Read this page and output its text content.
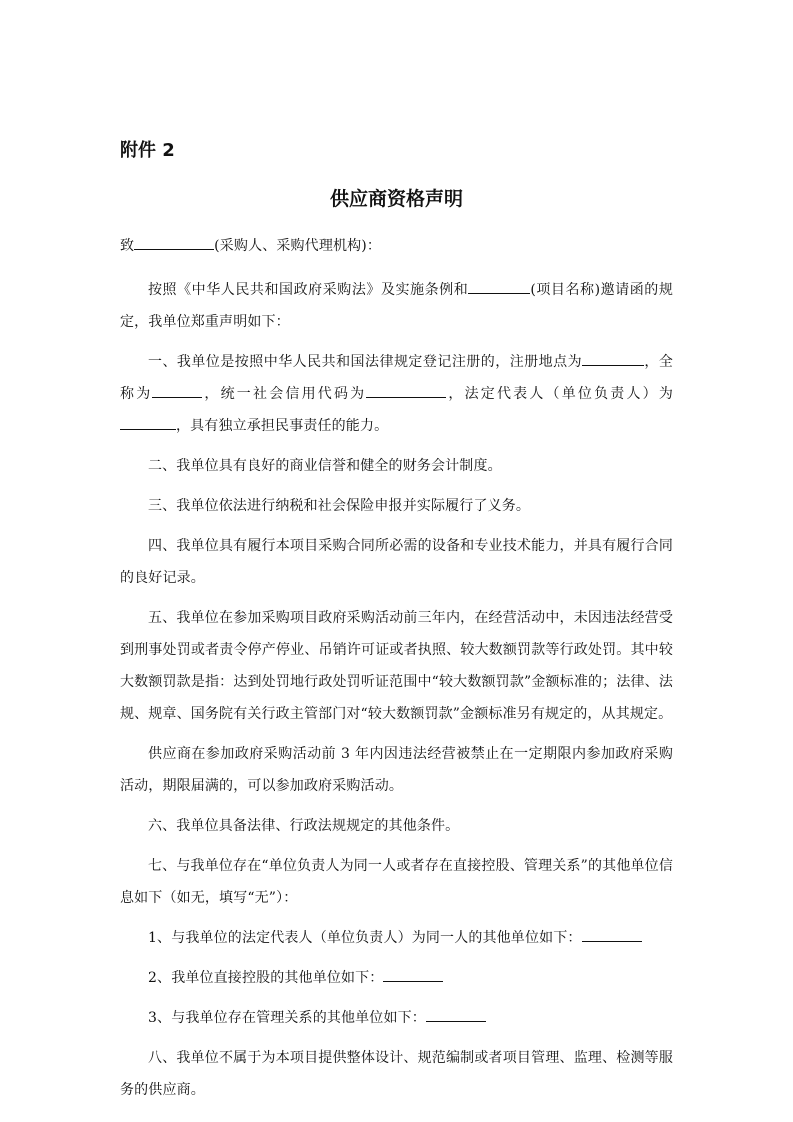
附件 2
供应商资格声明

致	(采购人、采购代理机构)：

按照《中华人民共和国政府采购法》及实施条例和	(项目名称)邀请函的规定，我单位郑重声明如下：

一、我单位是按照中华人民共和国法律规定登记注册的，注册地点为	，全称为	，统一社会信用代码为	，法定代表人（单位负责人）为，具有独立承担民事责任的能力。

二、我单位具有良好的商业信誉和健全的财务会计制度。

三、我单位依法进行纳税和社会保险申报并实际履行了义务。

四、我单位具有履行本项目采购合同所必需的设备和专业技术能力，并具有履行合同的良好记录。

五、我单位在参加采购项目政府采购活动前三年内，在经营活动中，未因违法经营受到刑事处罚或者责令停产停业、吊销许可证或者执照、较大数额罚款等行政处罚。其中较大数额罚款是指：达到处罚地行政处罚听证范围中“较大数额罚款”金额标准的；法律、法规、规章、国务院有关行政主管部门对“较大数额罚款”金额标准另有规定的，从其规定。

供应商在参加政府采购活动前 3 年内因违法经营被禁止在一定期限内参加政府采购活动，期限届满的，可以参加政府采购活动。

六、我单位具备法律、行政法规规定的其他条件。

七、与我单位存在“单位负责人为同一人或者存在直接控股、管理关系”的其他单位信息如下（如无，填写“无”）：

1、与我单位的法定代表人（单位负责人）为同一人的其他单位如下：

2、我单位直接控股的其他单位如下：

3、与我单位存在管理关系的其他单位如下：

八、我单位不属于为本项目提供整体设计、规范编制或者项目管理、监理、检测等服务的供应商。
